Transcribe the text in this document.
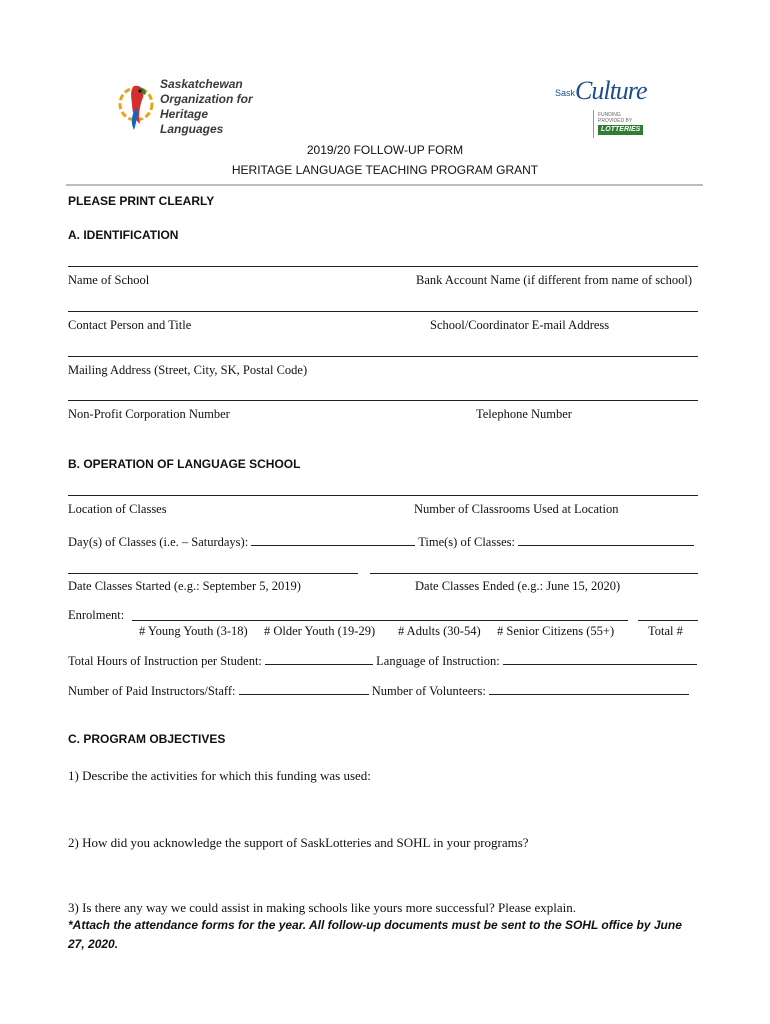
Saskatchewan
Organization for
Heritage Languages
Sask Culture
FUNDING
PROVIDED BY
LOTTERIES
2019/20 FOLLOW-UP FORM
HERITAGE LANGUAGE TEACHING PROGRAM GRANT
PLEASE PRINT CLEARLY
A. IDENTIFICATION
Name of School	Bank Account Name (if different from name of school)
Contact Person and Title	School/Coordinator E-mail Address
Mailing Address (Street, City, SK, Postal Code)
Non-Profit Corporation Number	Telephone Number
B. OPERATION OF LANGUAGE SCHOOL
Location of Classes	Number of Classrooms Used at Location
Day(s) of Classes (i.e. – Saturdays):	Time(s) of Classes:
Date Classes Started (e.g.: September 5, 2019)	Date Classes Ended (e.g.: June 15, 2020)
Enrolment:
# Young Youth (3-18) # Older Youth (19-29) # Adults (30-54) # Senior Citizens (55+)	Total #
Total Hours of Instruction per Student:	Language of Instruction:
Number of Paid Instructors/Staff:	Number of Volunteers:
C. PROGRAM OBJECTIVES
1) Describe the activities for which this funding was used:
2) How did you acknowledge the support of SaskLotteries and SOHL in your programs?
3) Is there any way we could assist in making schools like yours more successful? Please explain.
*Attach the attendance forms for the year. All follow-up documents must be sent to the SOHL office by June
27, 2020.
